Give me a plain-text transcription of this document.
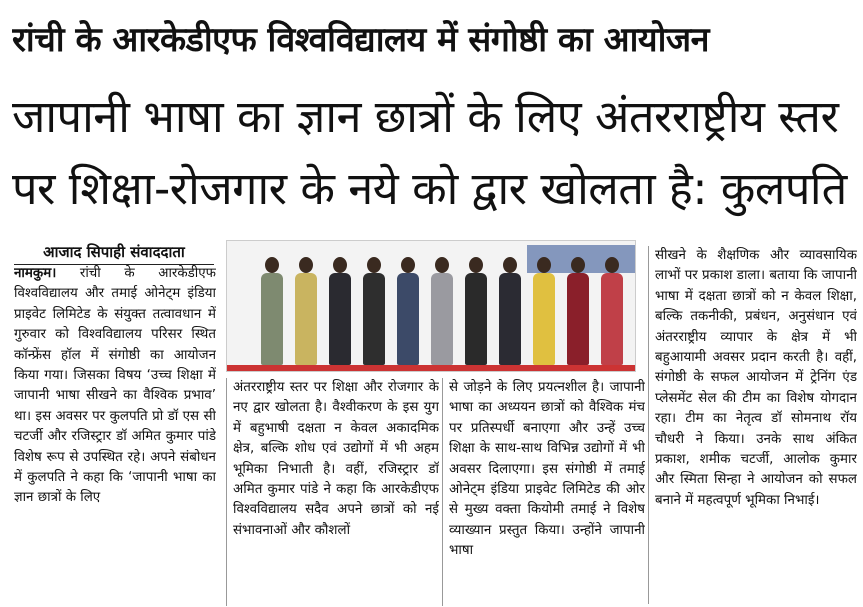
रांची के आरकेडीएफ विश्वविद्यालय में संगोष्ठी का आयोजन
जापानी भाषा का ज्ञान छात्रों के लिए अंतरराष्ट्रीय स्तर
पर शिक्षा-रोजगार के नये को द्वार खोलता है: कुलपति
आजाद सिपाही संवाददाता
नामकुम। रांची के आरकेडीएफ विश्वविद्यालय और तमाई ओनेट्म इंडिया प्राइवेट लिमिटेड के संयुक्त तत्वावधान में गुरुवार को विश्वविद्यालय परिसर स्थित कॉन्फ्रेंस हॉल में संगोष्ठी का आयोजन किया गया। जिसका विषय ‘उच्च शिक्षा में जापानी भाषा सीखने का वैश्विक प्रभाव’ था। इस अवसर पर कुलपति प्रो डॉ एस सी चटर्जी और रजिस्ट्रार डॉ अमित कुमार पांडे विशेष रूप से उपस्थित रहे। अपने संबोधन में कुलपति ने कहा कि ‘जापानी भाषा का ज्ञान छात्रों के लिए
अंतरराष्ट्रीय स्तर पर शिक्षा और रोजगार के नए द्वार खोलता है। वैश्वीकरण के इस युग में बहुभाषी दक्षता न केवल अकादमिक क्षेत्र, बल्कि शोध एवं उद्योगों में भी अहम भूमिका निभाती है। वहीं, रजिस्ट्रार डॉ अमित कुमार पांडे ने कहा कि आरकेडीएफ विश्वविद्यालय सदैव अपने छात्रों को नई संभावनाओं और कौशलों
से जोड़ने के लिए प्रयत्नशील है। जापानी भाषा का अध्ययन छात्रों को वैश्विक मंच पर प्रतिस्पर्धी बनाएगा और उन्हें उच्च शिक्षा के साथ-साथ विभिन्न उद्योगों में भी अवसर दिलाएगा। इस संगोष्ठी में तमाई ओनेट्म इंडिया प्राइवेट लिमिटेड की ओर से मुख्य वक्ता कियोमी तमाई ने विशेष व्याख्यान प्रस्तुत किया। उन्होंने जापानी भाषा
सीखने के शैक्षणिक और व्यावसायिक लाभों पर प्रकाश डाला। बताया कि जापानी भाषा में दक्षता छात्रों को न केवल शिक्षा, बल्कि तकनीकी, प्रबंधन, अनुसंधान एवं अंतरराष्ट्रीय व्यापार के क्षेत्र में भी बहुआयामी अवसर प्रदान करती है। वहीं, संगोष्ठी के सफल आयोजन में ट्रेनिंग एंड प्लेसमेंट सेल की टीम का विशेष योगदान रहा। टीम का नेतृत्व डॉ सोमनाथ रॉय चौधरी ने किया। उनके साथ अंकित प्रकाश, शमीक चटर्जी, आलोक कुमार और स्मिता सिन्हा ने आयोजन को सफल बनाने में महत्वपूर्ण भूमिका निभाई।
